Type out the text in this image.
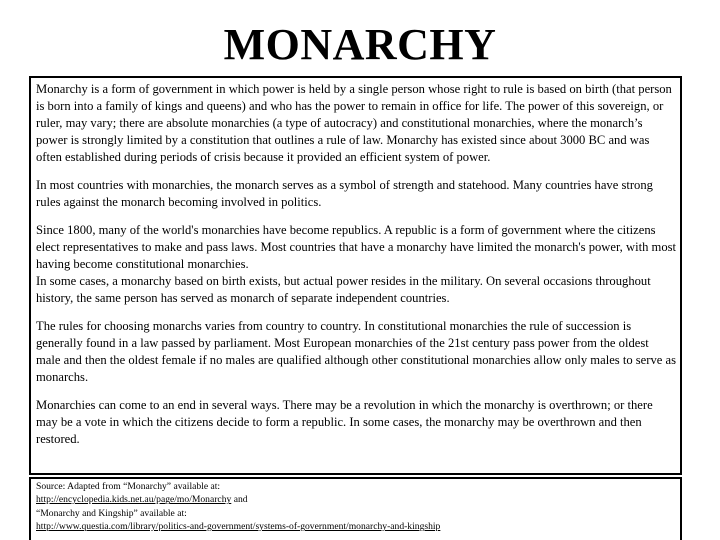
MONARCHY

Monarchy is a form of government in which power is held by a single person whose right to rule is based on birth (that person is born into a family of kings and queens) and who has the power to remain in office for life. The power of this sovereign, or ruler, may vary; there are absolute monarchies (a type of autocracy) and constitutional monarchies, where the monarch’s power is strongly limited by a constitution that outlines a rule of law. Monarchy has existed since about 3000 BC and was often established during periods of crisis because it provided an efficient system of power.

In most countries with monarchies, the monarch serves as a symbol of strength and statehood. Many countries have strong rules against the monarch becoming involved in politics.

Since 1800, many of the world's monarchies have become republics. A republic is a form of government where the citizens elect representatives to make and pass laws. Most countries that have a monarchy have limited the monarch's power, with most having become constitutional monarchies.

In some cases, a monarchy based on birth exists, but actual power resides in the military. On several occasions throughout history, the same person has served as monarch of separate independent countries.

The rules for choosing monarchs varies from country to country. In constitutional monarchies the rule of succession is generally found in a law passed by parliament. Most European monarchies of the 21st century pass power from the oldest male and then the oldest female if no males are qualified although other constitutional monarchies allow only males to serve as monarchs.

Monarchies can come to an end in several ways. There may be a revolution in which the monarchy is overthrown; or there may be a vote in which the citizens decide to form a republic. In some cases, the monarchy may be overthrown and then restored.

Source: Adapted from “Monarchy” available at:
http://encyclopedia.kids.net.au/page/mo/Monarchy and
“Monarchy and Kingship” available at:
http://www.questia.com/library/politics-and-government/systems-of-government/monarchy-and-kingship
